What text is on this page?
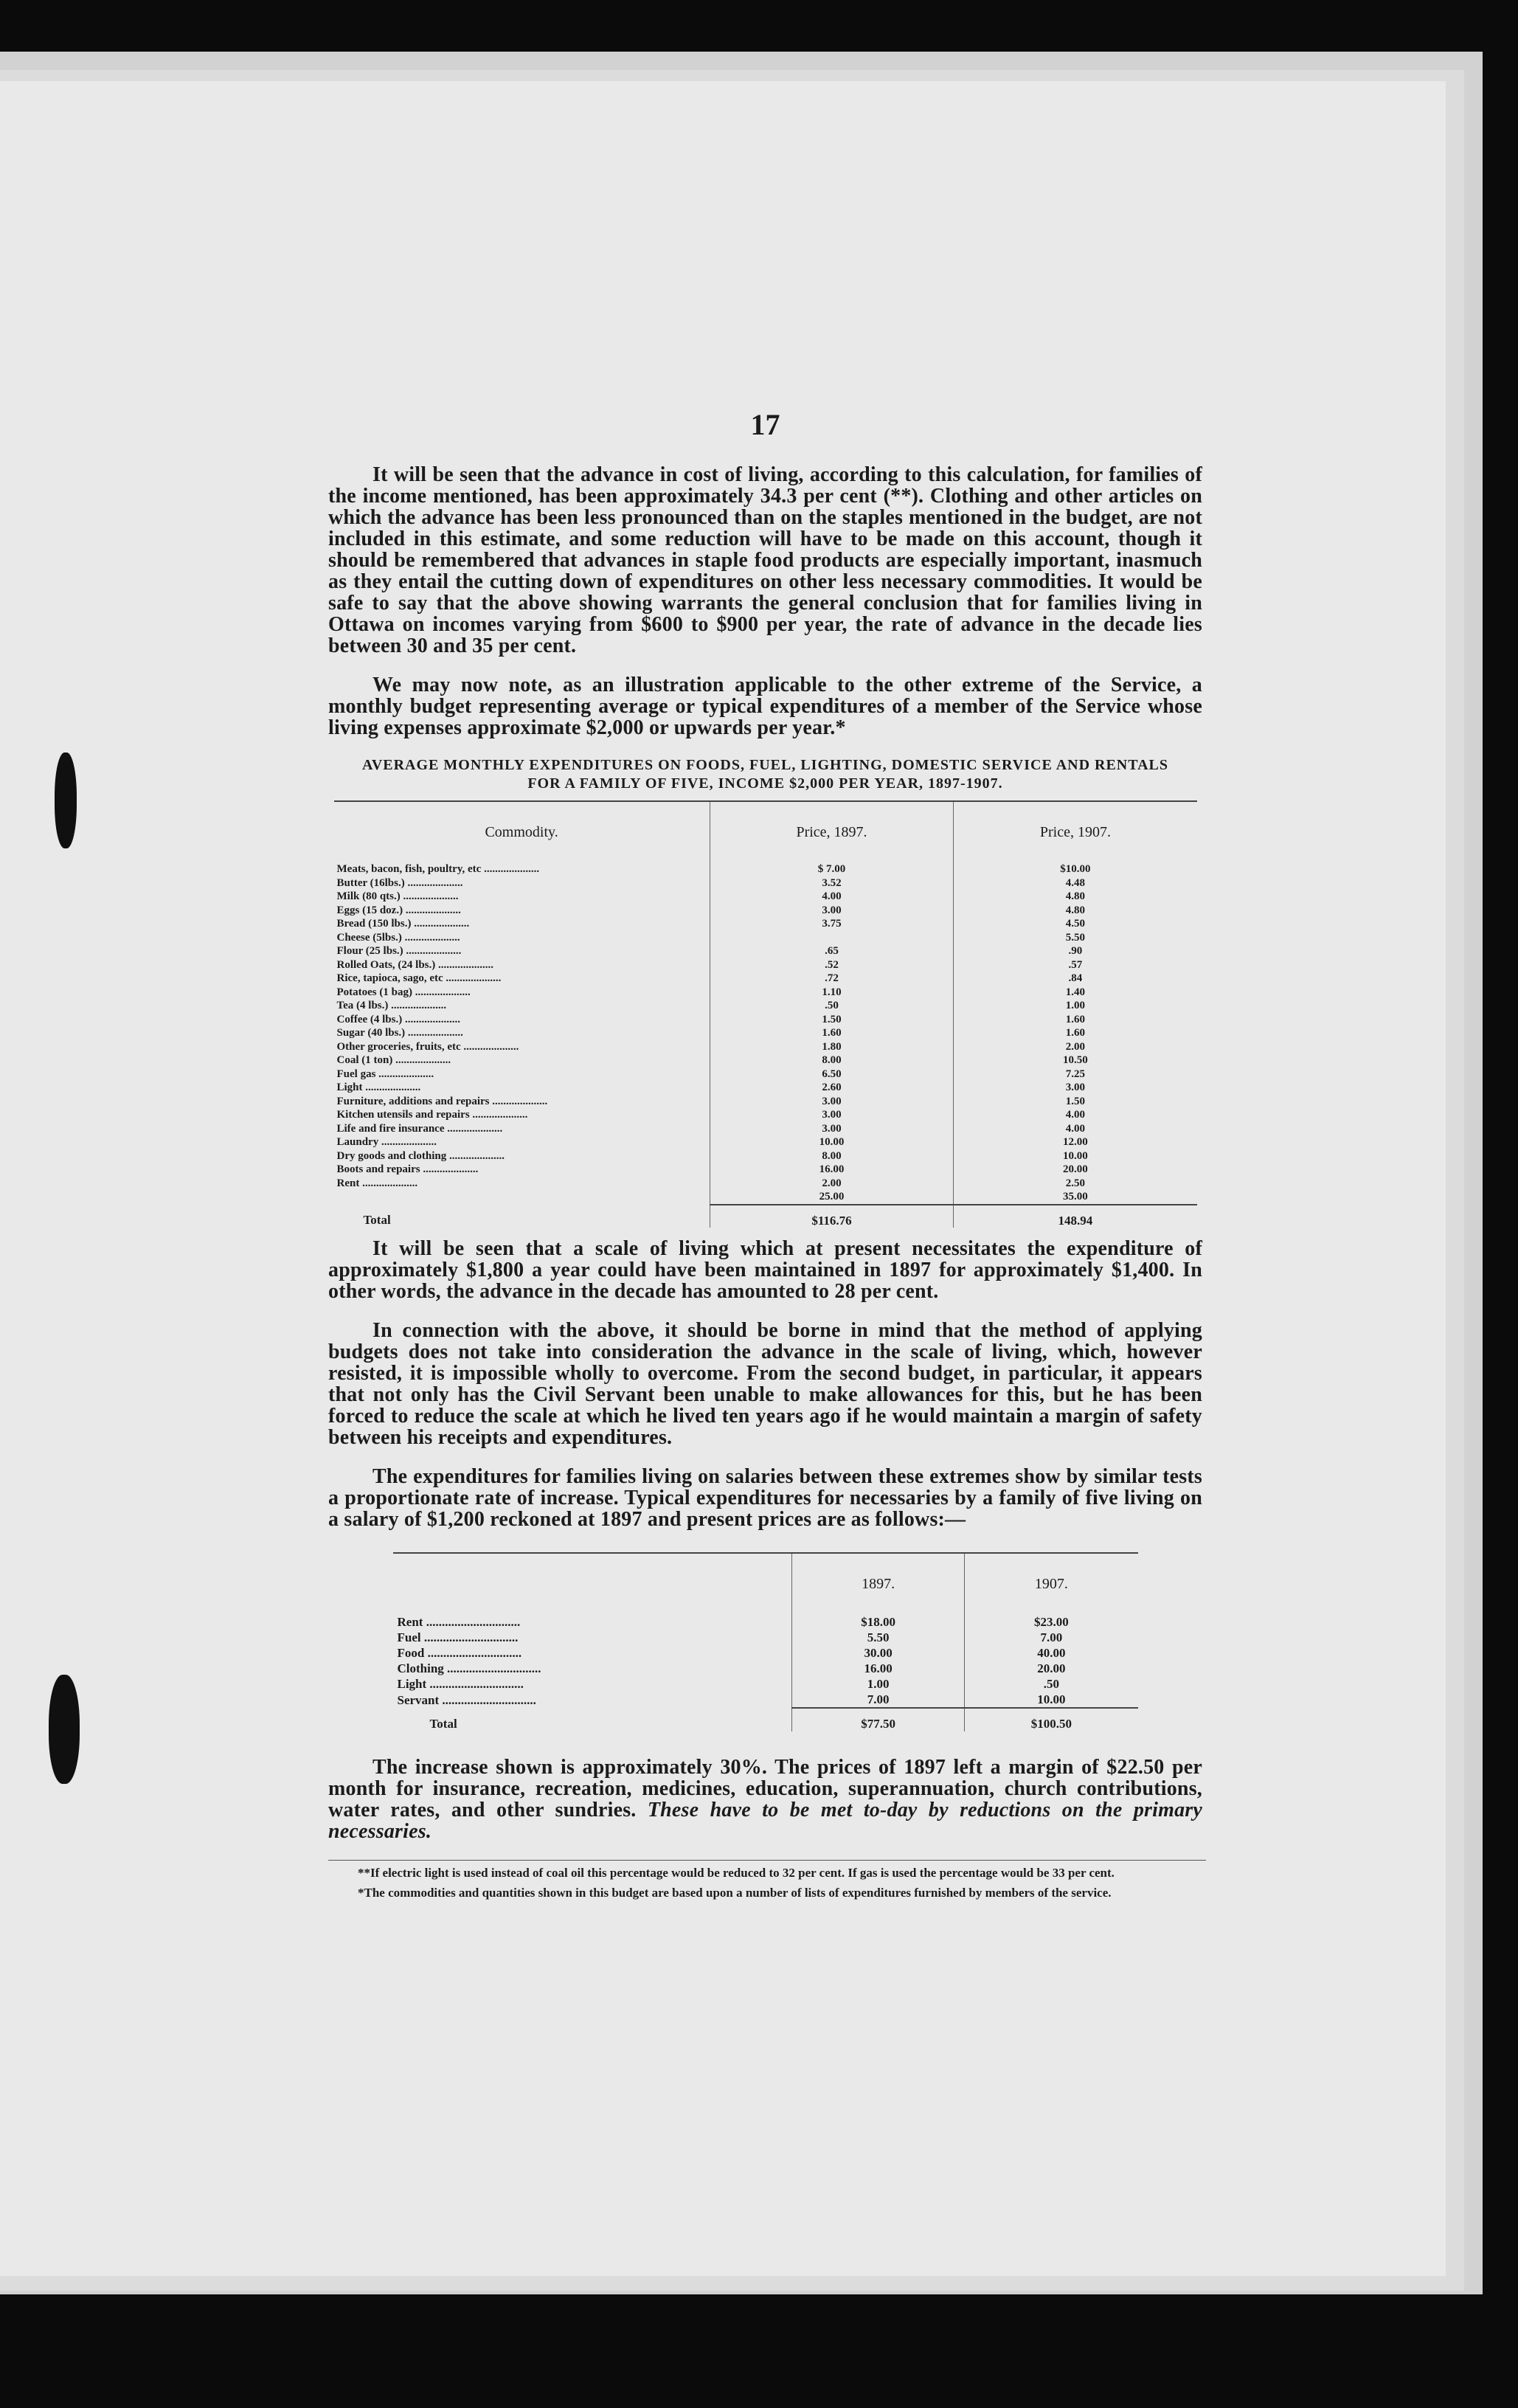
17

It will be seen that the advance in cost of living, according to this calculation, for families of the income mentioned, has been approximately 34.3 per cent (**). Clothing and other articles on which the advance has been less pronounced than on the staples mentioned in the budget, are not included in this estimate, and some reduction will have to be made on this account, though it should be remembered that advances in staple food products are especially important, inasmuch as they entail the cutting down of expenditures on other less necessary commodities. It would be safe to say that the above showing warrants the general conclusion that for families living in Ottawa on incomes varying from $600 to $900 per year, the rate of advance in the decade lies between 30 and 35 per cent.

We may now note, as an illustration applicable to the other extreme of the Service, a monthly budget representing average or typical expenditures of a member of the Service whose living expenses approximate $2,000 or upwards per year.*

AVERAGE MONTHLY EXPENDITURES ON FOODS, FUEL, LIGHTING, DOMESTIC SERVICE AND RENTALS FOR A FAMILY OF FIVE, INCOME $2,000 PER YEAR, 1897-1907.
Commodity.	Price, 1897.	Price, 1907.
Meats, bacon, fish, poultry, etc ....................	$ 7.00	$10.00
Butter (16lbs.) ....................	3.52	4.48
Milk (80 qts.) ....................	4.00	4.80
Eggs (15 doz.) ....................	3.00	4.80
Bread (150 lbs.) ....................	3.75	4.50
Cheese (5lbs.) ....................		5.50
Flour (25 lbs.) ....................	.65	.90
Rolled Oats, (24 lbs.) ....................	.52	.57
Rice, tapioca, sago, etc ....................	.72	.84
Potatoes (1 bag) ....................	1.10	1.40
Tea (4 lbs.) ....................	.50	1.00
Coffee (4 lbs.) ....................	1.50	1.60
Sugar (40 lbs.) ....................	1.60	1.60
Other groceries, fruits, etc ....................	1.80	2.00
Coal (1 ton) ....................	8.00	10.50
Fuel gas ....................	6.50	7.25
Light ....................	2.60	3.00
Furniture, additions and repairs ....................	3.00	1.50
Kitchen utensils and repairs ....................	3.00	4.00
Life and fire insurance ....................	3.00	4.00
Laundry ....................	10.00	12.00
Dry goods and clothing ....................	8.00	10.00
Boots and repairs ....................	16.00	20.00
Rent ....................	2.00	2.50
	25.00	35.00
Total	$116.76	148.94

It will be seen that a scale of living which at present necessitates the expenditure of approximately $1,800 a year could have been maintained in 1897 for approximately $1,400. In other words, the advance in the decade has amounted to 28 per cent.

In connection with the above, it should be borne in mind that the method of applying budgets does not take into consideration the advance in the scale of living, which, however resisted, it is impossible wholly to overcome. From the second budget, in particular, it appears that not only has the Civil Servant been unable to make allowances for this, but he has been forced to reduce the scale at which he lived ten years ago if he would maintain a margin of safety between his receipts and expenditures.

The expenditures for families living on salaries between these extremes show by similar tests a proportionate rate of increase. Typical expenditures for necessaries by a family of five living on a salary of $1,200 reckoned at 1897 and present prices are as follows:—

	1897.	1907.
Rent ..............................	$18.00	$23.00
Fuel ..............................	5.50	7.00
Food ..............................	30.00	40.00
Clothing ..............................	16.00	20.00
Light ..............................	1.00	.50
Servant ..............................	7.00	10.00
Total	$77.50	$100.50

The increase shown is approximately 30%. The prices of 1897 left a margin of $22.50 per month for insurance, recreation, medicines, education, superannuation, church contributions, water rates, and other sundries. These have to be met to-day by reductions on the primary necessaries.

**If electric light is used instead of coal oil this percentage would be reduced to 32 per cent. If gas is used the percentage would be 33 per cent.
*The commodities and quantities shown in this budget are based upon a number of lists of expenditures furnished by members of the service.
